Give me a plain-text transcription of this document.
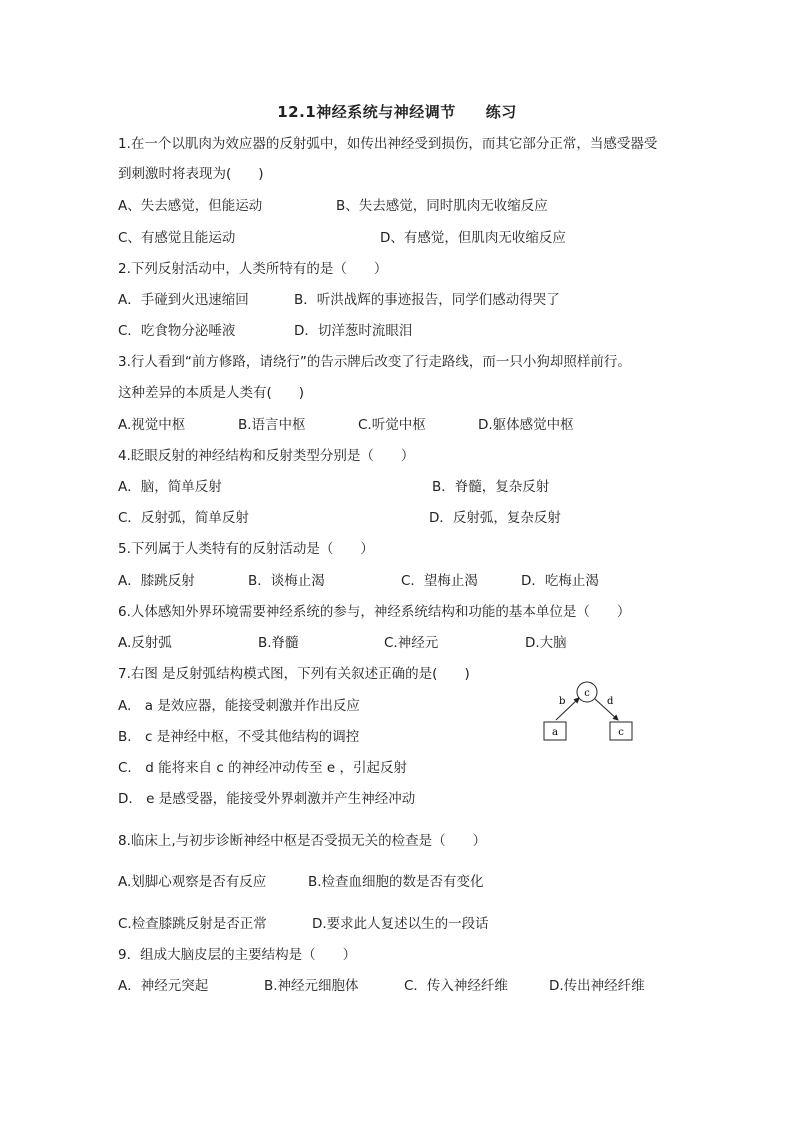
12.1神经系统与神经调节 练习
1.在一个以肌肉为效应器的反射弧中，如传出神经受到损伤，而其它部分正常，当感受器受
到刺激时将表现为(　　)
A、失去感觉，但能运动	B、失去感觉，同时肌肉无收缩反应
C、有感觉且能运动	D、有感觉，但肌肉无收缩反应
2.下列反射活动中，人类所特有的是（　　）
A．手碰到火迅速缩回	B．听洪战辉的事迹报告，同学们感动得哭了
C．吃食物分泌唾液	D．切洋葱时流眼泪
3.行人看到“前方修路，请绕行”的告示牌后改变了行走路线，而一只小狗却照样前行。
这种差异的本质是人类有(　　)
A.视觉中枢	B.语言中枢	C.听觉中枢	D.躯体感觉中枢
4.眨眼反射的神经结构和反射类型分别是（　　）
A．脑，简单反射	B．脊髓，复杂反射
C．反射弧，简单反射	D．反射弧，复杂反射
5.下列属于人类特有的反射活动是（　　）
A．膝跳反射	B．谈梅止渴	C．望梅止渴	D．吃梅止渴
6.人体感知外界环境需要神经系统的参与，神经系统结构和功能的基本单位是（　　）
A.反射弧	B.脊髓	C.神经元	D.大脑
7.右图 是反射弧结构模式图，下列有关叙述正确的是(　　)
A.　a 是效应器，能接受刺激并作出反应
B.　c 是神经中枢，不受其他结构的调控
C.　d 能将来自 c 的神经冲动传至 e ，引起反射
D.　e 是感受器，能接受外界刺激并产生神经冲动
c
b	d
a	c
8.临床上,与初步诊断神经中枢是否受损无关的检查是（　　）
A.划脚心观察是否有反应	B.检查血细胞的数是否有变化
C.检查膝跳反射是否正常	D.要求此人复述以生的一段话
9．组成大脑皮层的主要结构是（　　）
A．神经元突起	B.神经元细胞体	C．传入神经纤维	D.传出神经纤维
